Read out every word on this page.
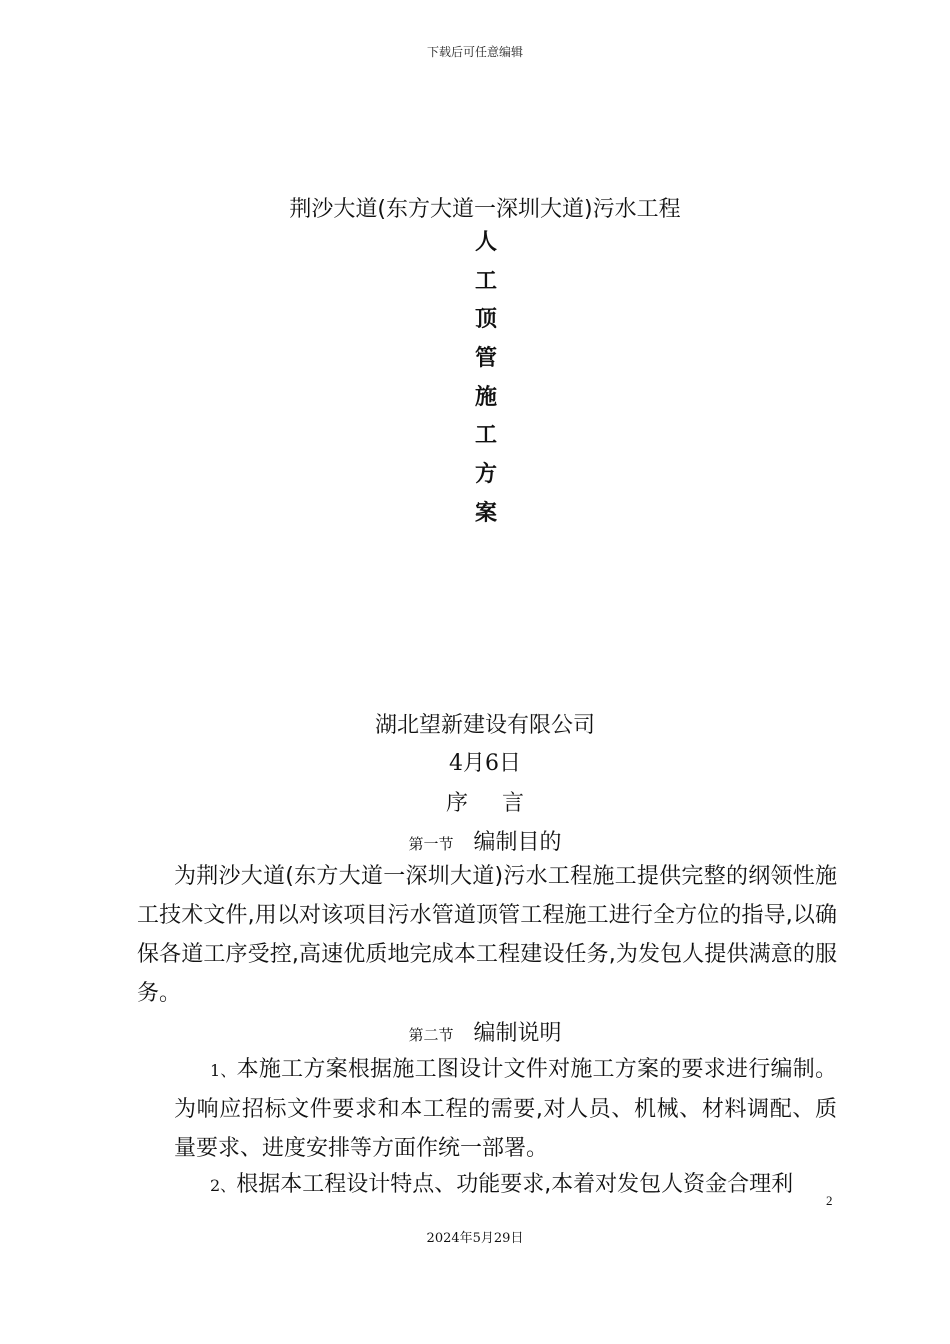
下载后可任意编辑
荆沙大道(东方大道一深圳大道)污水工程
人
工
顶
管
施
工
方
案
湖北望新建设有限公司
4月6日
序 言
第一节 编制目的
为荆沙大道(东方大道一深圳大道)污水工程施工提供完整的纲领性施工技术文件,用以对该项目污水管道顶管工程施工进行全方位的指导,以确保各道工序受控,高速优质地完成本工程建设任务,为发包人提供满意的服务。
第二节 编制说明
1、本施工方案根据施工图设计文件对施工方案的要求进行编制。为响应招标文件要求和本工程的需要,对人员、机械、材料调配、质量要求、进度安排等方面作统一部署。
2、根据本工程设计特点、功能要求,本着对发包人资金合理利
2
2024年5月29日
